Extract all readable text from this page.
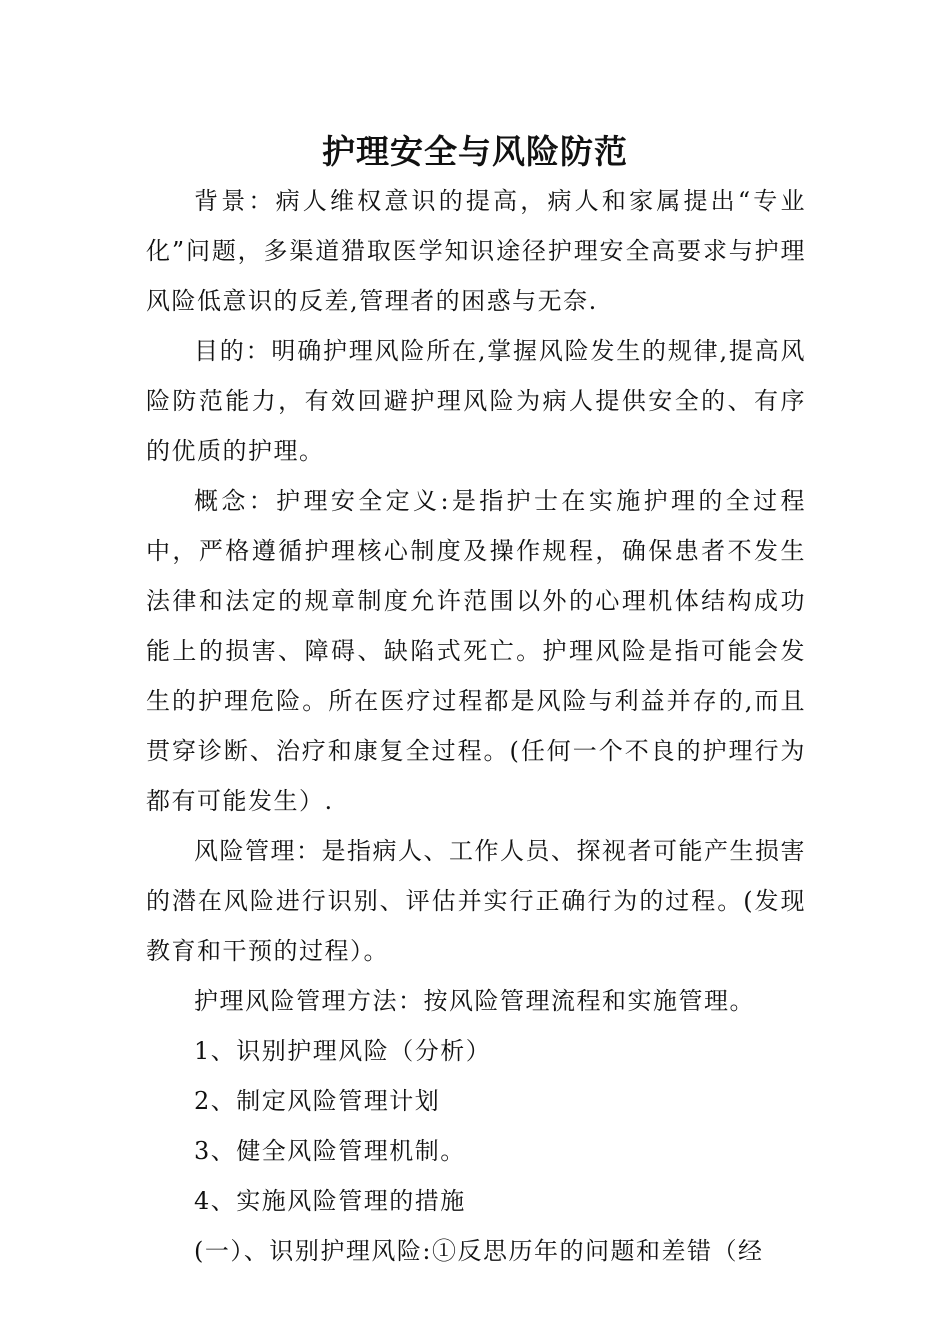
护理安全与风险防范

背景：病人维权意识的提高，病人和家属提出“专业化”问题，多渠道猎取医学知识途径护理安全高要求与护理风险低意识的反差,管理者的困惑与无奈.

目的：明确护理风险所在,掌握风险发生的规律,提高风险防范能力，有效回避护理风险为病人提供安全的、有序的优质的护理。

概念：护理安全定义:是指护士在实施护理的全过程中，严格遵循护理核心制度及操作规程，确保患者不发生法律和法定的规章制度允许范围以外的心理机体结构成功能上的损害、障碍、缺陷式死亡。护理风险是指可能会发生的护理危险。所在医疗过程都是风险与利益并存的,而且贯穿诊断、治疗和康复全过程。(任何一个不良的护理行为都有可能发生）.

风险管理：是指病人、工作人员、探视者可能产生损害的潜在风险进行识别、评估并实行正确行为的过程。(发现教育和干预的过程）。

护理风险管理方法：按风险管理流程和实施管理。

1、识别护理风险（分析）
2、制定风险管理计划
3、健全风险管理机制。
4、实施风险管理的措施
(一）、识别护理风险:①反思历年的问题和差错（经
